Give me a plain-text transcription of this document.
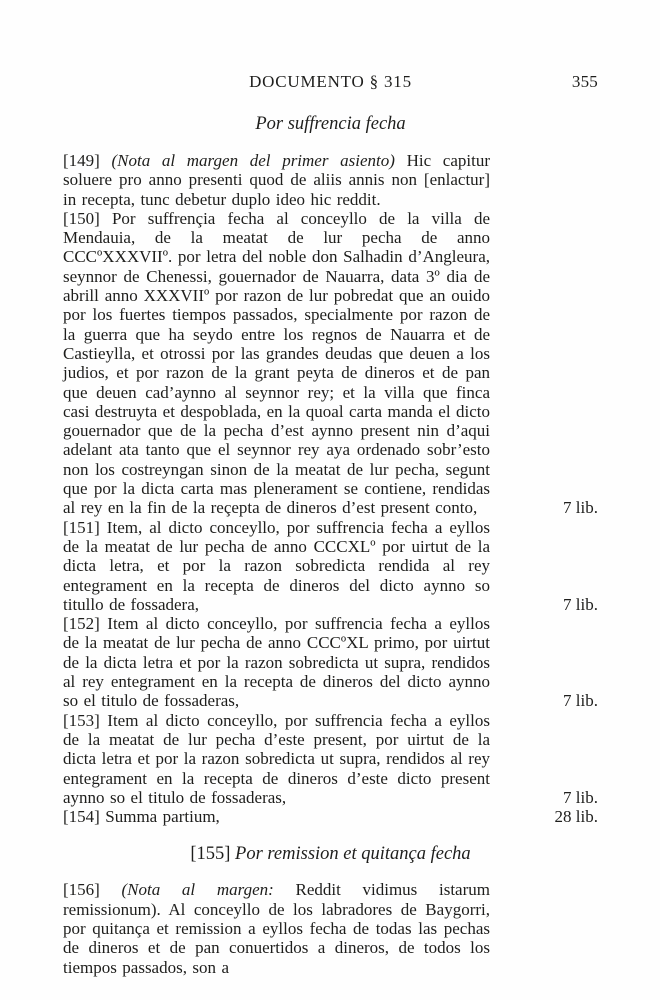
DOCUMENTO § 315	355
Por suffrencia fecha

[149] (Nota al margen del primer asiento) Hic capitur soluere pro anno presenti quod de aliis annis non [enlactur] in recepta, tunc debetur duplo ideo hic reddit.

[150] Por suffrençia fecha al conceyllo de la villa de Mendauia, de la meatat de lur pecha de anno CCCºXXXVIIº. por letra del noble don Salhadin d’Angleura, seynnor de Chenessi, gouernador de Nauarra, data 3º dia de abrill anno XXXVIIº por razon de lur pobredat que an ouido por los fuertes tiempos passados, specialmente por razon de la guerra que ha seydo entre los regnos de Nauarra et de Castieylla, et otrossi por las grandes deudas que deuen a los judios, et por razon de la grant peyta de dineros et de pan que deuen cad’aynno al seynnor rey; et la villa que finca casi destruyta et despoblada, en la quoal carta manda el dicto gouernador que de la pecha d’est aynno present nin d’aqui adelant ata tanto que el seynnor rey aya ordenado sobr’esto non los costreyngan sinon de la meatat de lur pecha, segunt que por la dicta carta mas plenerament se contiene, rendidas al rey en la fin de la reçepta de dineros d’est present conto,	7 lib.

[151] Item, al dicto conceyllo, por suffrencia fecha a eyllos de la meatat de lur pecha de anno CCCXLº por uirtut de la dicta letra, et por la razon sobredicta rendida al rey entegrament en la recepta de dineros del dicto aynno so titullo de fossadera,	7 lib.

[152] Item al dicto conceyllo, por suffrencia fecha a eyllos de la meatat de lur pecha de anno CCCºXL primo, por uirtut de la dicta letra et por la razon sobredicta ut supra, rendidos al rey entegrament en la recepta de dineros del dicto aynno so el titulo de fossaderas,	7 lib.

[153] Item al dicto conceyllo, por suffrencia fecha a eyllos de la meatat de lur pecha d’este present, por uirtut de la dicta letra et por la razon sobredicta ut supra, rendidos al rey entegrament en la recepta de dineros d’este dicto present aynno so el titulo de fossaderas,	7 lib.

[154] Summa partium,	28 lib.

[155] Por remission et quitança fecha

[156] (Nota al margen: Reddit vidimus istarum remissionum). Al conceyllo de los labradores de Baygorri, por quitança et remission a eyllos fecha de todas las pechas de dineros et de pan conuertidos a dineros, de todos los tiempos passados, son a
